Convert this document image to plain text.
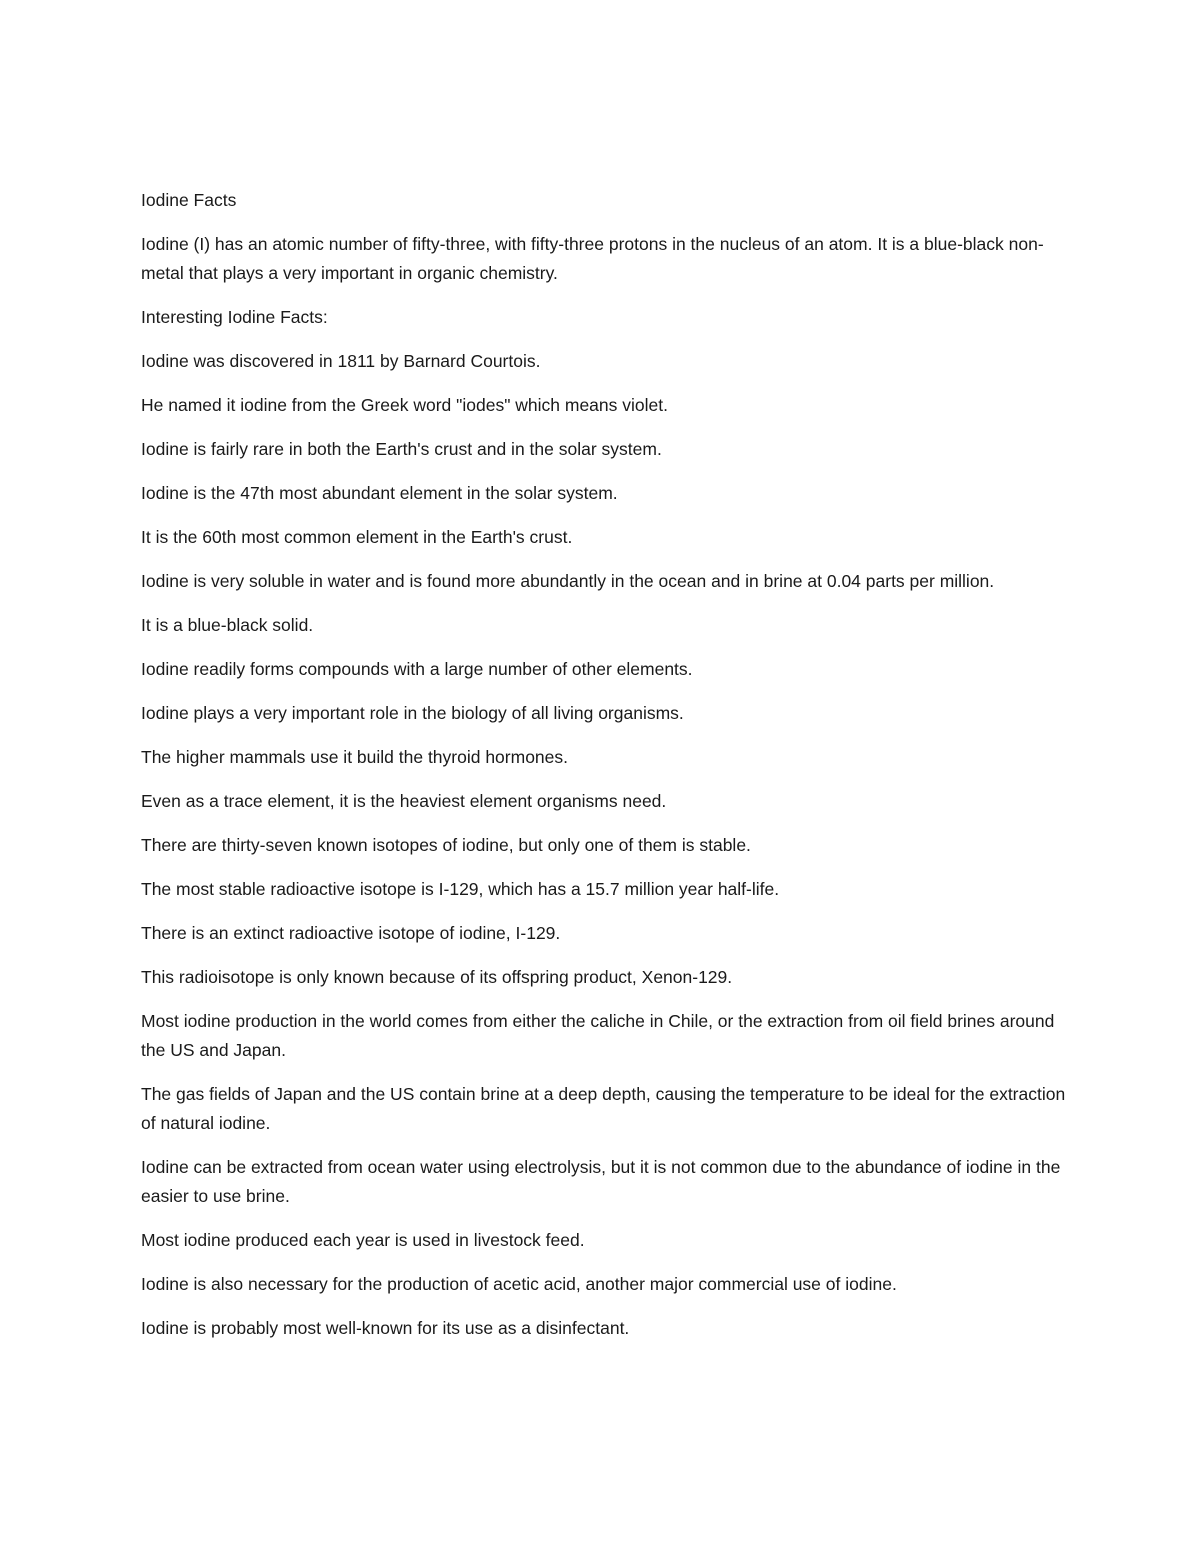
Iodine Facts

Iodine (I) has an atomic number of fifty-three, with fifty-three protons in the nucleus of an atom. It is a blue-black non-metal that plays a very important in organic chemistry.

Interesting Iodine Facts:

Iodine was discovered in 1811 by Barnard Courtois.

He named it iodine from the Greek word "iodes" which means violet.

Iodine is fairly rare in both the Earth's crust and in the solar system.

Iodine is the 47th most abundant element in the solar system.

It is the 60th most common element in the Earth's crust.

Iodine is very soluble in water and is found more abundantly in the ocean and in brine at 0.04 parts per million.

It is a blue-black solid.

Iodine readily forms compounds with a large number of other elements.

Iodine plays a very important role in the biology of all living organisms.

The higher mammals use it build the thyroid hormones.

Even as a trace element, it is the heaviest element organisms need.

There are thirty-seven known isotopes of iodine, but only one of them is stable.

The most stable radioactive isotope is I-129, which has a 15.7 million year half-life.

There is an extinct radioactive isotope of iodine, I-129.

This radioisotope is only known because of its offspring product, Xenon-129.

Most iodine production in the world comes from either the caliche in Chile, or the extraction from oil field brines around the US and Japan.

The gas fields of Japan and the US contain brine at a deep depth, causing the temperature to be ideal for the extraction of natural iodine.

Iodine can be extracted from ocean water using electrolysis, but it is not common due to the abundance of iodine in the easier to use brine.

Most iodine produced each year is used in livestock feed.

Iodine is also necessary for the production of acetic acid, another major commercial use of iodine.

Iodine is probably most well-known for its use as a disinfectant.
